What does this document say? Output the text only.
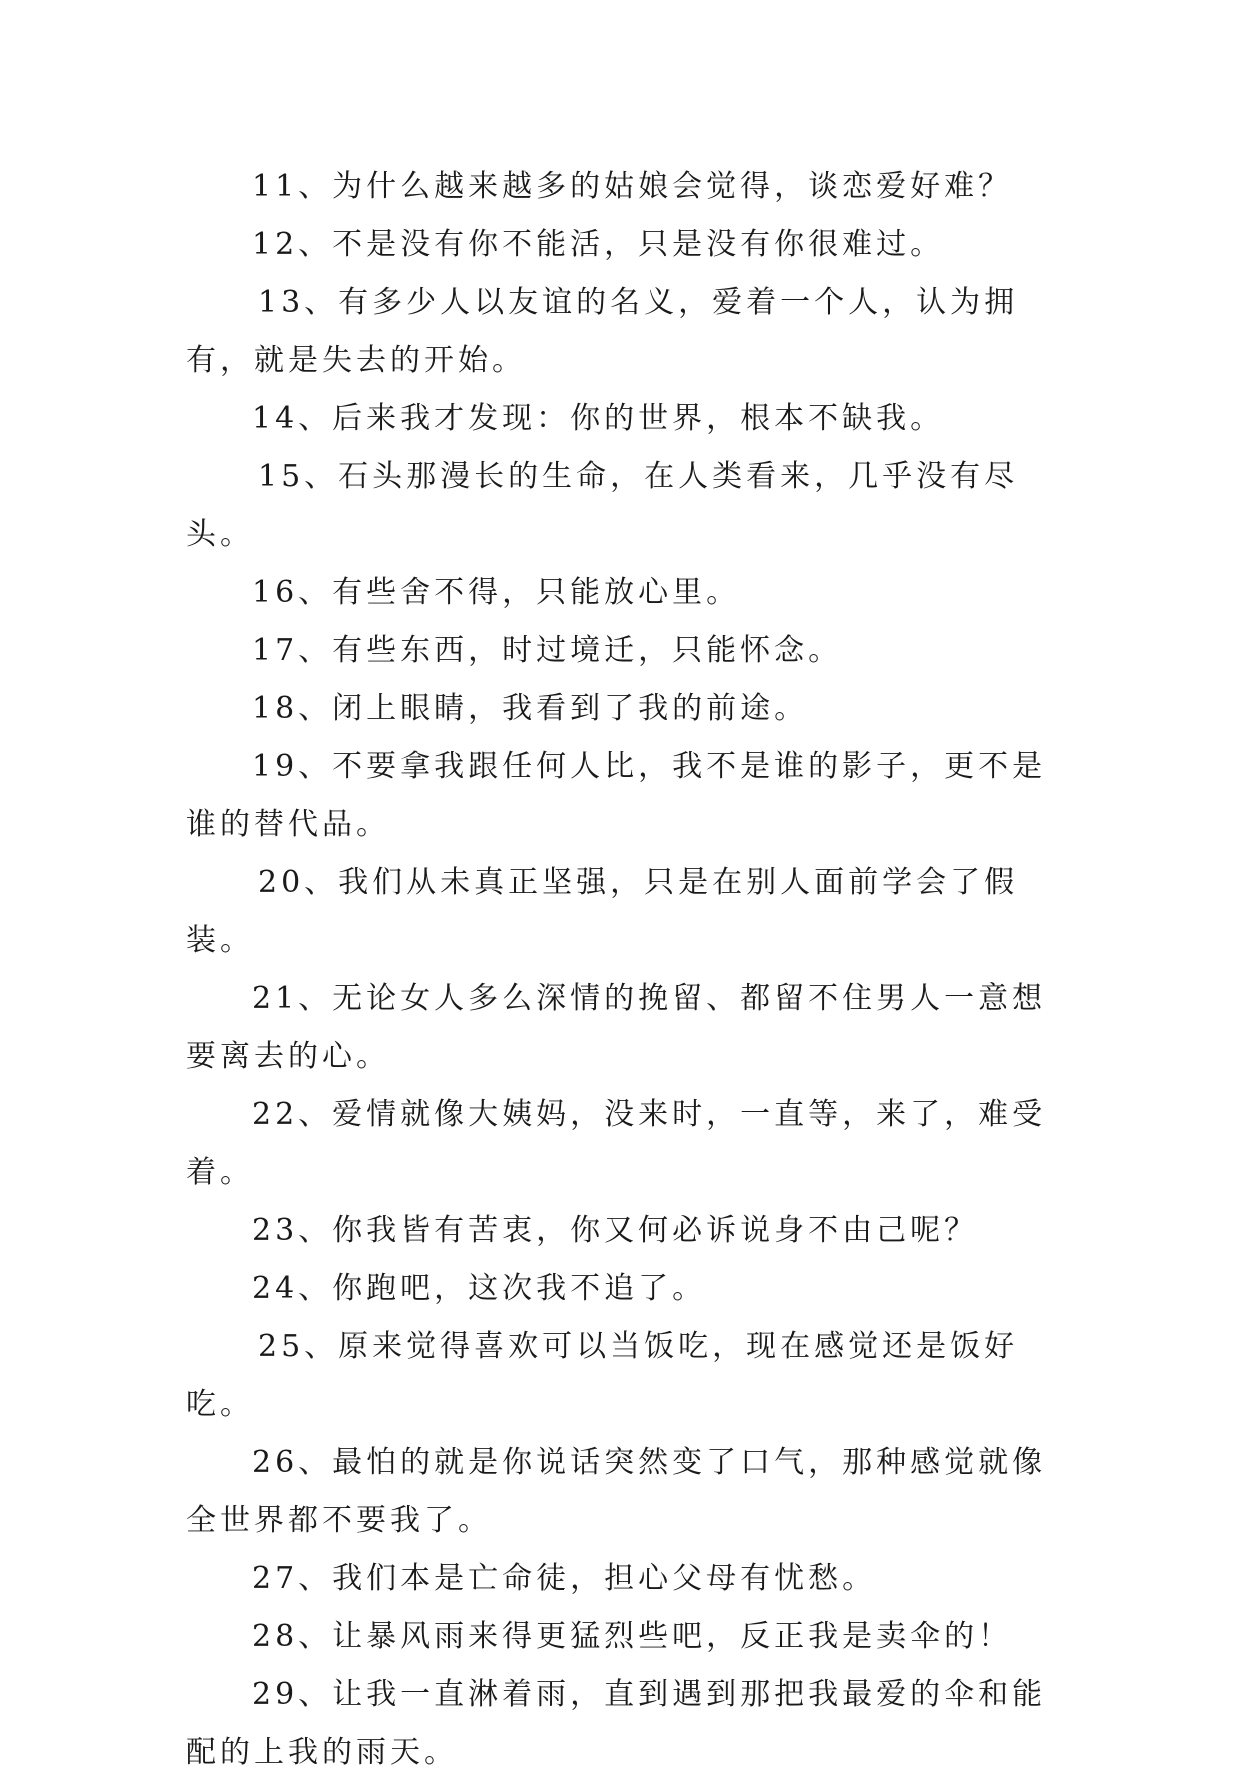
11、为什么越来越多的姑娘会觉得，谈恋爱好难？

12、不是没有你不能活，只是没有你很难过。

13、有多少人以友谊的名义，爱着一个人，认为拥有，就是失去的开始。

14、后来我才发现：你的世界，根本不缺我。

15、石头那漫长的生命，在人类看来，几乎没有尽头。

16、有些舍不得，只能放心里。

17、有些东西，时过境迁，只能怀念。

18、闭上眼睛，我看到了我的前途。

19、不要拿我跟任何人比，我不是谁的影子，更不是谁的替代品。

20、我们从未真正坚强，只是在别人面前学会了假装。

21、无论女人多么深情的挽留、都留不住男人一意想要离去的心。

22、爱情就像大姨妈，没来时，一直等，来了，难受着。

23、你我皆有苦衷，你又何必诉说身不由己呢？

24、你跑吧，这次我不追了。

25、原来觉得喜欢可以当饭吃，现在感觉还是饭好吃。

26、最怕的就是你说话突然变了口气，那种感觉就像全世界都不要我了。

27、我们本是亡命徒，担心父母有忧愁。

28、让暴风雨来得更猛烈些吧，反正我是卖伞的！

29、让我一直淋着雨，直到遇到那把我最爱的伞和能配的上我的雨天。
